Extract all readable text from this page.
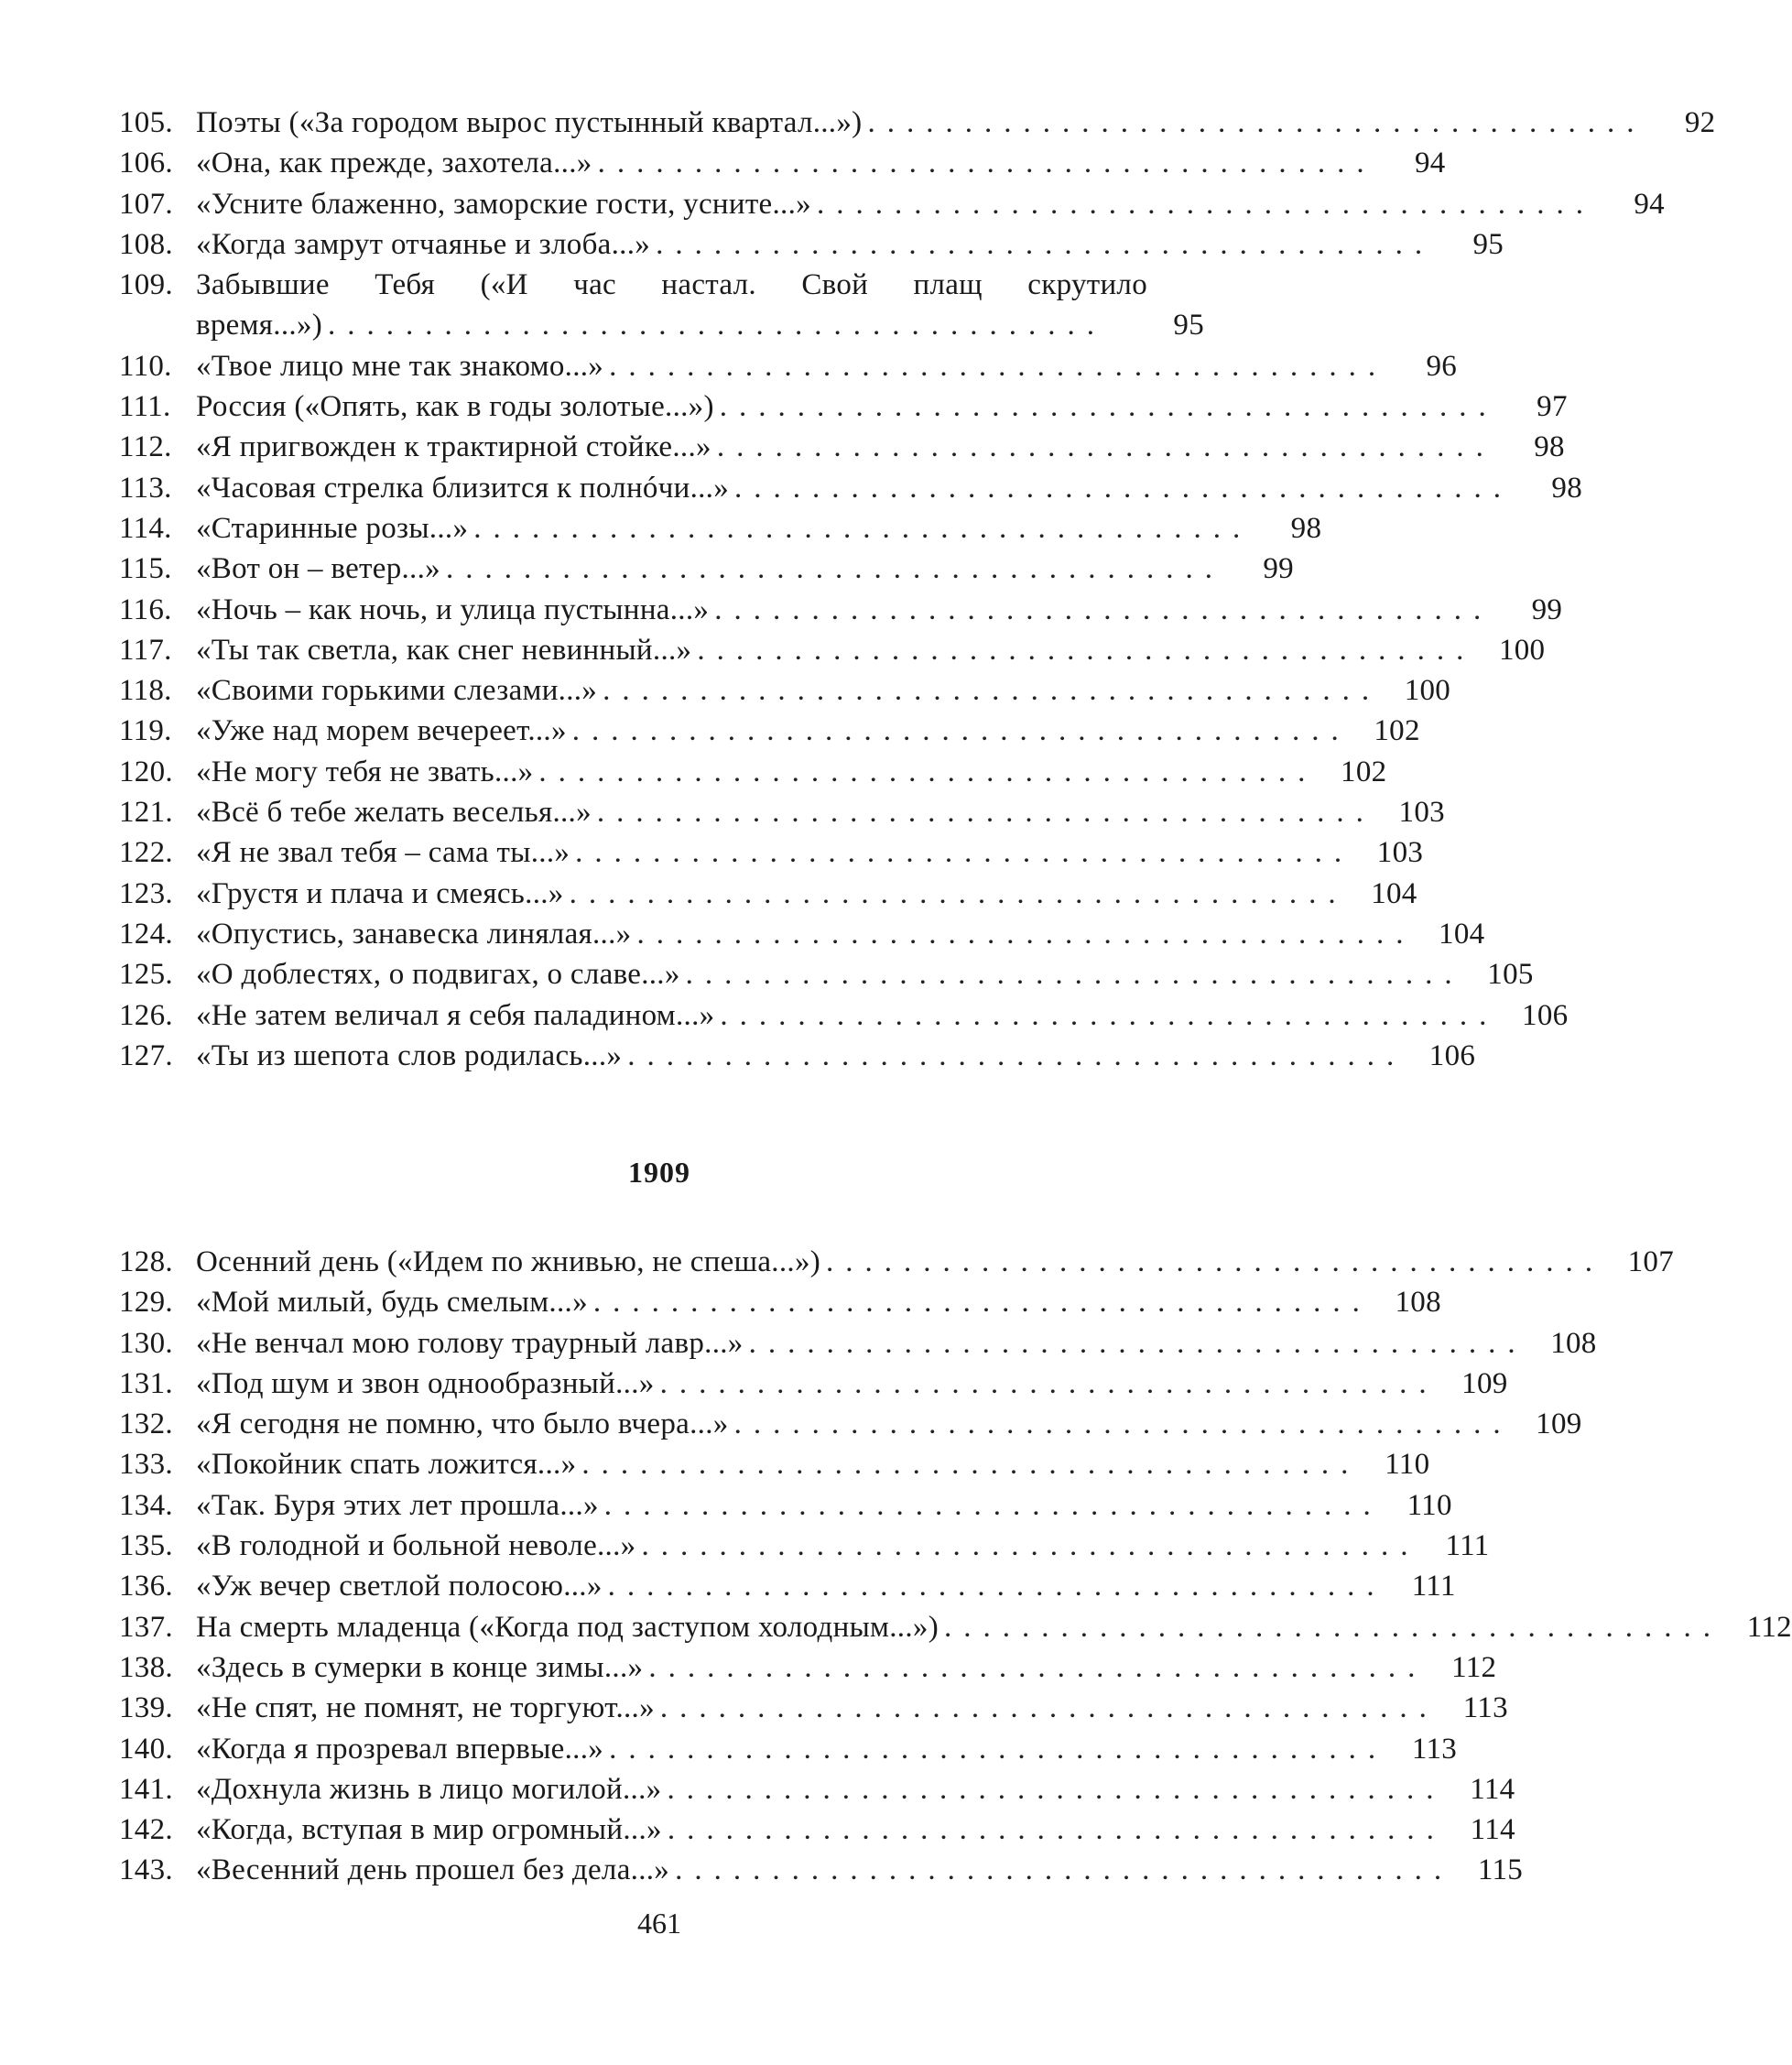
105. Поэты («За городом вырос пустынный квартал...») ........................................	92
106. «Она, как прежде, захотела...» ........................................	94
107. «Усните блаженно, заморские гости, усните...» ........................................	94
108. «Когда замрут отчаянье и злоба...» ........................................	95
109. Забывшие Тебя («И час настал. Свой плащ скрутило
время...») ........................................	95
110. «Твое лицо мне так знакомо...» ........................................	96
111. Россия («Опять, как в годы золотые...») ........................................	97
112. «Я пригвожден к трактирной стойке...» ........................................	98
113. «Часовая стрелка близится к полнóчи...» ........................................	98
114. «Старинные розы...» ........................................	98
115. «Вот он – ветер...» ........................................	99
116. «Ночь – как ночь, и улица пустынна...» ........................................	99
117. «Ты так светла, как снег невинный...» ........................................ 100
118. «Своими горькими слезами...» ........................................ 100
119. «Уже над морем вечереет...» ........................................ 102
120. «Не могу тебя не звать...» ........................................ 102
121. «Всё б тебе желать веселья...» ........................................ 103
122. «Я не звал тебя – сама ты...» ........................................ 103
123. «Грустя и плача и смеясь...» ........................................ 104
124. «Опустись, занавеска линялая...» ........................................ 104
125. «О доблестях, о подвигах, о славе...» ........................................ 105
126. «Не затем величал я себя паладином...» ........................................ 106
127. «Ты из шепота слов родилась...» ........................................ 106
1909
128. Осенний день («Идем по жнивью, не спеша...») ........................................ 107
129. «Мой милый, будь смелым...» ........................................ 108
130. «Не венчал мою голову траурный лавр...» ........................................ 108
131. «Под шум и звон однообразный...» ........................................ 109
132. «Я сегодня не помню, что было вчера...» ........................................ 109
133. «Покойник спать ложится...» ........................................ 110
134. «Так. Буря этих лет прошла...» ........................................ 110
135. «В голодной и больной неволе...» ........................................ 111
136. «Уж вечер светлой полосою...» ........................................ 111
137. На смерть младенца («Когда под заступом холодным...») ........................................ 112
138. «Здесь в сумерки в конце зимы...» ........................................ 112
139. «Не спят, не помнят, не торгуют...» ........................................ 113
140. «Когда я прозревал впервые...» ........................................ 113
141. «Дохнула жизнь в лицо могилой...» ........................................ 114
142. «Когда, вступая в мир огромный...» ........................................ 114
143. «Весенний день прошел без дела...» ........................................ 115
461
